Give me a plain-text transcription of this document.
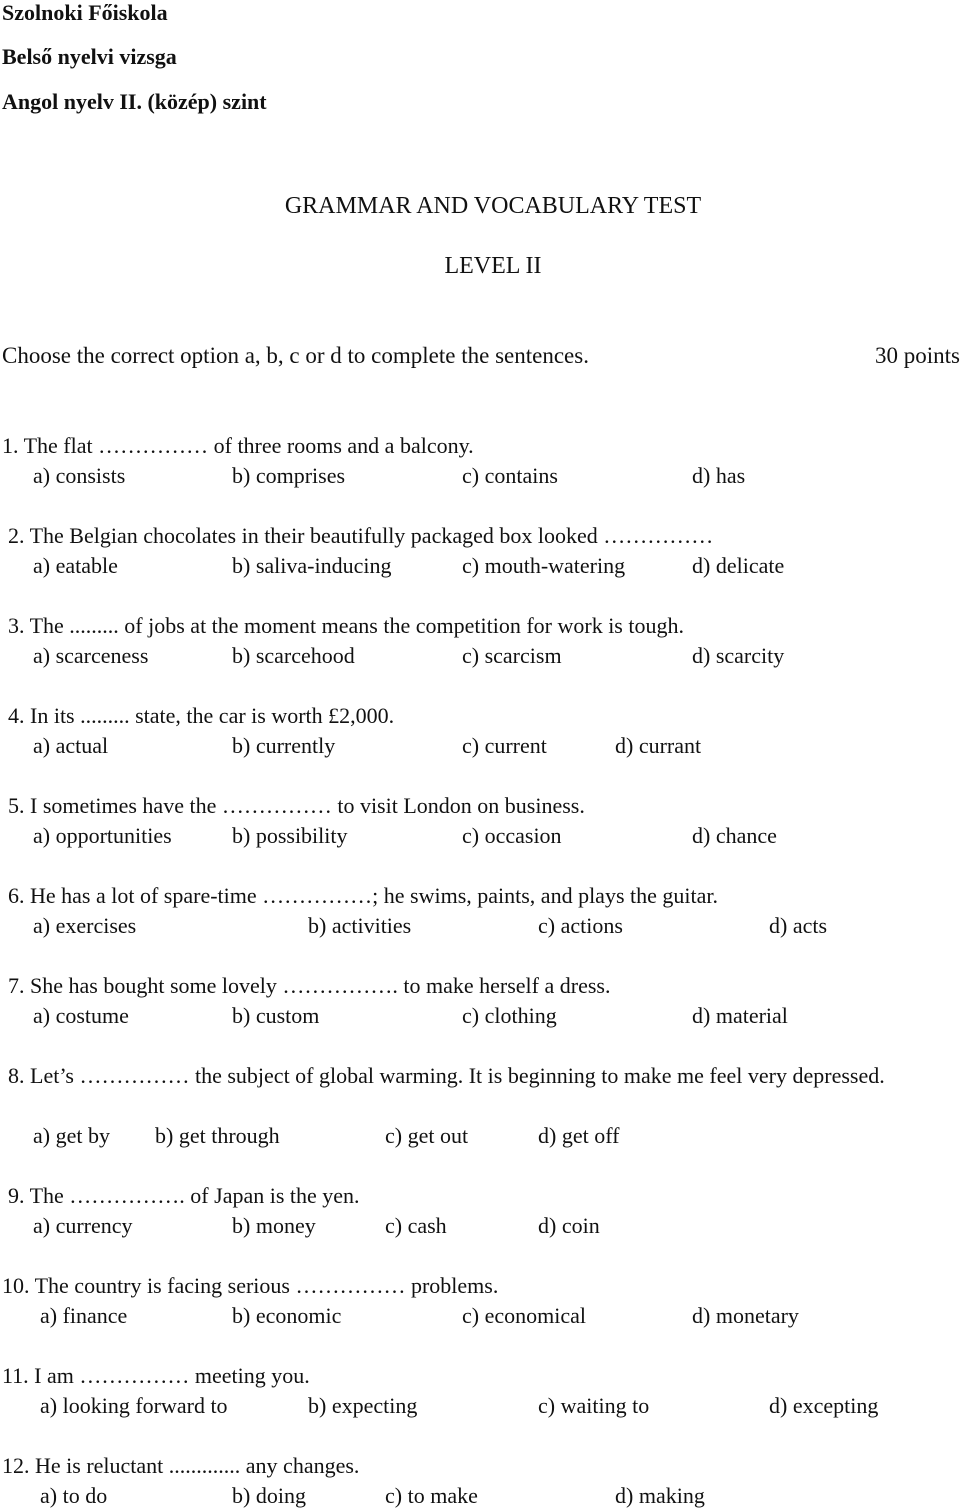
Szolnoki Főiskola
Belső nyelvi vizsga
Angol nyelv II. (közép) szint
GRAMMAR AND VOCABULARY TEST
LEVEL II
Choose the correct option a, b, c or d to complete the sentences.	30 points
1. The flat …………… of three rooms and a balcony.
a) consists	b) comprises	c) contains	d) has
2. The Belgian chocolates in their beautifully packaged box looked ……………
a) eatable	b) saliva-inducing	c) mouth-watering	d) delicate
3. The ......... of jobs at the moment means the competition for work is tough.
a) scarceness	b) scarcehood	c) scarcism	d) scarcity
4. In its ......... state, the car is worth £2,000.
a) actual	b) currently	c) current	d) currant
5. I sometimes have the …………… to visit London on business.
a) opportunities	b) possibility	c) occasion	d) chance
6. He has a lot of spare-time ……………; he swims, paints, and plays the guitar.
a) exercises	b) activities	c) actions	d) acts
7. She has bought some lovely ……………. to make herself a dress.
a) costume	b) custom	c) clothing	d) material
8. Let’s …………… the subject of global warming. It is beginning to make me feel very depressed.
a) get by b) get through	c) get out	d) get off
9. The ……………. of Japan is the yen.
a) currency	b) money	c) cash	d) coin
10. The country is facing serious …………… problems.
a) finance	b) economic	c) economical	d) monetary
11. I am …………… meeting you.
a) looking forward to	b) expecting	c) waiting to	d) excepting
12. He is reluctant ............. any changes.
a) to do	b) doing	c) to make	d) making
